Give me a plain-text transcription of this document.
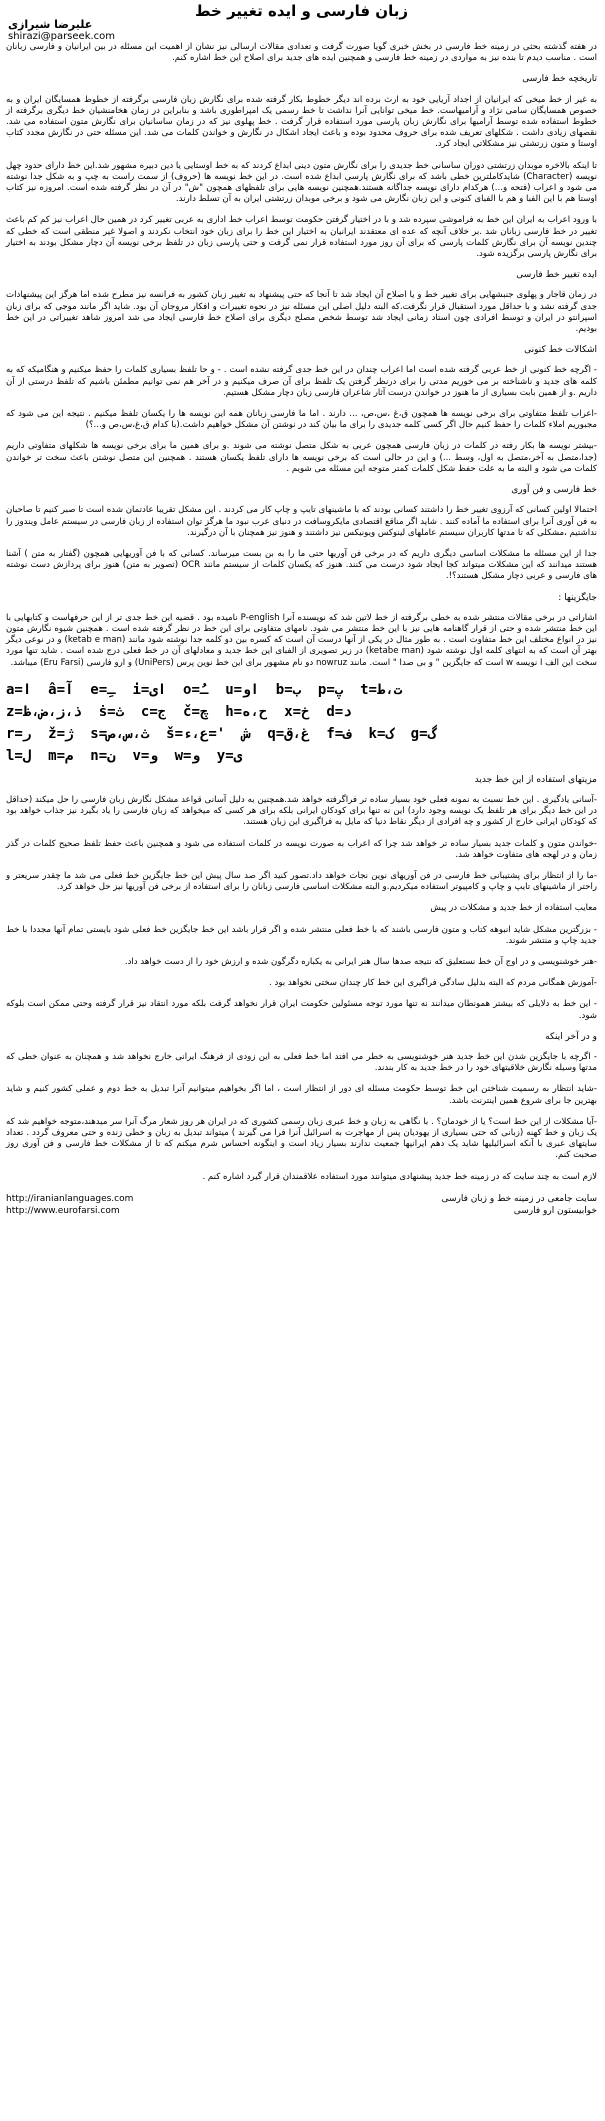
زبان فارسی و ایده تغییر خط
علیرضا شیرازی
shirazi@parseek.com

در هفته گذشته بحثی در زمینه خط فارسی در بخش خبری گویا صورت گرفت و تعدادی مقالات ارسالی نیز نشان از اهمیت این مسئله در بین ایرانیان و فارسی زبانان است . مناسب دیدم تا بنده نیز به مواردی در زمینه خط فارسی و همچنین ایده های جدید برای اصلاح این خط اشاره کنم.

تاریخچه خط فارسی

به غیر از خط میخی که ایرانیان از اجداد آریایی خود به ارث برده اند دیگر خطوط بکار گرفته شده برای نگارش زبان فارسی برگرفته از خطوط همسایگان ایران و به خصوص همسایگان سامی نژاد و آرامیهاست. خط میخی توانایی آنرا نداشت تا خط رسمی یک امپراطوری باشد و بنابراین در زمان هخامنشیان خط دیگری برگرفته از خطوط استفاده شده توسط آرامیها برای نگارش زبان پارسی مورد استفاده قرار گرفت . خط پهلوی نیز که در زمان ساسانیان برای نگارش متون استفاده می شد. نقصهای زیادی داشت . شکلهای تعریف شده برای حروف محدود بوده و باعث ایجاد اشکال در نگارش و خواندن کلمات می شد. این مسئله حتی در نگارش مجدد کتاب اوستا و متون زرتشتی نیز مشکلاتی ایجاد کرد.

تا اینکه بالاخره موبدان زرتشتی دوران ساسانی خط جدیدی را برای نگارش متون دینی ابداع کردند که به خط اوستایی یا دین دبیره مشهور شد.این خط دارای حدود چهل نویسه (Character) شایدکاملترین خطی باشد که برای نگارش پارسی ابداع شده است. در این خط نویسه ها (حروف) از سمت راست به چپ و به شکل جدا نوشته می شود و اعراب (فتحه و...) هرکدام دارای نویسه جداگانه هستند.همچنین نویسه هایی برای تلفظهای همچون "ش" در آن در نظر گرفته شده است. امروزه نیز کتاب اوستا هم با این الفبا و هم با الفبای کنونی و این زبان نگارش می شود و برخی موبدان زرتشتی ایران به آن تسلط دارند.

با ورود اعراب به ایران این خط به فراموشی سپرده شد و با در اختیار گرفتن حکومت توسط اعراب خط اداری به عربی تغییر کرد در همین حال اعراب نیز کم کم باعث تغییر در خط فارسی زبانان شد .بر خلاف آنچه که عده ای معتقدند ایرانیان به اختیار این خط را برای زبان خود انتخاب نکردند و اصولا غیر منطقی است که خطی که چندین نویسه آن برای نگارش کلمات پارسی که برای آن روز مورد استفاده قرار نمی گرفت و حتی پارسی زبان در تلفظ برخی نویسه آن دچار مشکل بودند به اختیار برای نگارش پارسی برگزیده شود.

ایده تغییر خط فارسی

در زمان قاجار و پهلوی جنبشهایی برای تغییر خط و یا اصلاح آن ایجاد شد تا آنجا که حتی پیشنهاد به تغییر زبان کشور به فرانسه نیز مطرح شده اما هرگز این پیشنهادات جدی گرفته نشد و با حداقل مورد استقبال قرار نگرفت.که البته دلیل اصلی این مسئله نیز در نحوه تغییرات و افکار مروجان آن بود. شاید اگر مانند موجی که برای زبان اسپرانتو در ایران و توسط افرادی چون استاد زمانی ایجاد شد توسط شخص مصلح دیگری برای اصلاح خط فارسی ایجاد می شد امروز شاهد تغییراتی در این خط بودیم.

اشکالات خط کنونی

- اگرچه خط کنونی از خط عربی گرفته شده است اما اعراب چندان در این خط جدی گرفته نشده است . - و حا تلفظ بسیاری کلمات را حفظ میکنیم و هنگامیکه که به کلمه های جدید و ناشناخته بر می خوریم مدتی را برای درنظر گرفتن یک تلفظ برای آن صرف میکنیم و در آخر هم نمی توانیم مطمئن باشیم که تلفظ درستی از آن داریم .و از همین بابت بسیاری از ما هنوز در خواندن درست آثار شاعران فارسی زبان دچار مشکل هستیم.

-اعراب تلفظ متفاوتی برای برخی نویسه ها همچون ق،غ ،س،ص، ... دارند . اما ما فارسی زبانان همه این نویسه ها را یکسان تلفظ میکنیم . نتیجه این می شود که مجبوریم املاء کلمات را حفظ کنیم حال اگر کسی کلمه جدیدی را برای ما بیان کند در نوشتن آن مشکل خواهیم داشت.(با کدام ق،غ،س،ص و...؟)

-بیشتر نویسه ها بکار رفته در کلمات در زبان فارسی همچون عربی به شکل متصل نوشته می شوند .و برای همین ما برای برخی نویسه ها شکلهای متفاوتی داریم (جدا،متصل به آخر،متصل به اول، وسط ...) و این در حالی است که برخی نویسه ها دارای تلفظ یکسان هستند . همچنین این متصل نوشتن باعث سخت تر خواندن کلمات می شود و البته ما به علت حفظ شکل کلمات کمتر متوجه این مسئله می شویم .

خط فارسی و فن آوری

احتمالا اولین کسانی که آرزوی تغییر خط را داشتند کسانی بودند که با ماشینهای تایپ و چاپ کار می کردند . این مشکل تقریبا عادتمان شده است تا صبر کنیم تا صاحبان به فن آوری آنرا برای استفاده ما آماده کنند . شاید اگر مناقع اقتصادی مایکروسافت در دنیای عرب نبود ما هرگز توان استفاده از زبان فارسی در سیستم عامل ویندوز را نداشتیم ،مشکلی که تا مدتها کاربران سیستم عاملهای لینوکس ویونیکس نیز داشتند و هنوز نیز همچنان با آن درگیرند.

جدا از این مسئله ما مشکلات اساسی دیگری داریم که در برخی فن آوریها حتی ما را به بن بست میرساند. کسانی که با فن آوریهایی همچون (گفتار به متن ) آشنا هستند میدانند که این مشکلات میتواند کجا ایجاد شود درست می کنند. هنوز که یکسان کلمات از سیستم مانند OCR (تصویر به متن) هنوز برای پردازش دست نوشته های فارسی و عربی دچار مشکل هستند؟!.

جایگزینها :

اشاراتی در برخی مقالات منتشر شده به خطی برگرفته از خط لاتین شد که نویسنده آنرا P-english نامیده بود . قضیه این خط جدی تر از این حرفهاست و کتابهایی با این خط منتشر شده و حتی از قرار گاهنامه هایی نیز با این خط منتشر می شود. نامهای متفاوتی برای این خط در نظر گرفته شده است . همچنین شیوه نگارش متون نیز در انواع مختلف این خط متفاوت است . به طور مثال در یکی از آنها درست آن است که کسره بین دو کلمه جدا نوشته شود مانند (ketab e man) و در نوعی دیگر بهتر آن است که به انتهای کلمه اول نوشته شود (ketabe man) در زیر تصویری از الفبای این خط جدید و معادلهای آن در خط فعلی درج شده است . شاید تنها مورد سخت این الف ا نویسه w است که جایگزین " و بی صدا " است. مانند nowruz دو نام مشهور برای این خط نوین پرس (UniPers) و ارو فارسی (Eru Farsi) میباشد.

a=ا  â=آ  e=ـِ  i=ای  o=ـُ  u=او  b=ب  p=پ  t=ت،ط
z=ذ،ز،ض،ظ  ṡ=ث  c=ج  č=چ  h=ح،ه  x=خ  d=د
r=ر  ž=ژ  s=ث،س،ص  š=ش  '=ع،ء  q=غ،ق  f=ف  k=ک  g=گ
l=ل  m=م  n=ن  v=و  w=و  y=ی
مزیتهای استفاده از این خط جدید

-آسانی یادگیری . این خط نسبت به نمونه فعلی خود بسیار ساده تر فراگرفته خواهد شد.همچنین به دلیل آسانی قواعد مشکل نگارش زبان فارسی را حل میکند (حداقل در این خط دیگر برای هر تلفظ یک نویسه وجود دارد) این نه تنها برای کودکان ایرانی بلکه برای هر کسی که میخواهد که زبان فارسی را یاد بگیرد نیز جذاب خواهد بود که کودکان ایرانی خارج از کشور و چه افرادی از دیگر نقاط دنیا که مایل به فراگیری این زبان هستند.

-خواندن متون و کلمات جدید بسیار ساده تر خواهد شد چرا که اعراب به صورت نویسه در کلمات استفاده می شود و همچنین باعث حفظ تلفظ صحیح کلمات در گذر زمان و در لهجه های متفاوت خواهد شد.

-ما را از انتظار برای پشتیبانی خط فارسی در فن آوریهای نوین نجات خواهد داد.تصور کنید اگر صد سال پیش این خط جایگزین خط فعلی می شد ما چقدر سریعتر و راحتر از ماشینهای تایپ و چاپ و کامپیوتر استفاده میکردیم.و البته مشکلات اساسی فارسی زبانان را برای استفاده از برخی فن آوریها نیز حل خواهد کرد.

معایب استفاده از خط جدید و مشکلات در پیش

- بزرگترین مشکل شاید انبوهه کتاب و متون فارسی باشند که با خط فعلی منتشر شده و اگر قرار باشد این خط جایگزین خط فعلی شود بایستی تمام آنها مجددا با خط جدید چاپ و منتشر شوند.

-هنر خوشنویسی و در اوج آن خط نستعلیق که نتیجه صدها سال هنر ایرانی به یکباره دگرگون شده و ارزش خود را از دست خواهد داد.

-آموزش همگانی مردم که البته بدلیل سادگی فراگیری این خط کار چندان سختی نخواهد بود .

- این خط به دلایلی که بیشتر همونطان میدانند نه تنها مورد توجه مسئولین حکومت ایران قرار نخواهد گرفت بلکه مورد انتقاد نیز قرار گرفته وحتی ممکن است بلوکه شود.

و در آخر اینکه

- اگرچه با جایگزین شدن این خط جدید هنر خوشنویسی به خطر می افتد اما خط فعلی به این زودی از فرهنگ ایرانی خارج نخواهد شد و همچنان به عنوان خطی که مدتها وسیله نگارش خلاقیتهای خود را در خط جدید به کار بندند.

-شاید انتظار به رسمیت شناختن این خط توسط حکومت مسئله ای دور از انتظار است ، اما اگر بخواهیم میتوانیم آنرا تبدیل به خط دوم و عملی کشور کنیم و شاید بهترین جا برای شروع همین اینترنت باشد.

-آیا مشکلات از این خط است؟ یا از خودمان؟ . با نگاهی به زبان و خط عبری زبان رسمی کشوری که در ایران هر روز شعار مرگ آنرا سر میدهند،متوجه خواهیم شد که یک زبان و خط کهنه (زبانی که حتی بسیاری از یهودیان پس از مهاجرت به اسرائیل آنرا فرا می گیرند ) میتواند تبدیل به زبان و خطی زنده و حتی معروف گردد . تعداد سایتهای عبری با آنکه اسرائیلیها شاید یک دهم ایرانیها جمعیت ندارند بسیار زیاد است و اینگونه احساس شرم میکنم که تا از مشکلات خط فارسی و فن آوری روز صحبت کنم.

لازم است به چند سایت که در زمینه خط جدید پیشنهادی میتوانند مورد استفاده علاقمندان قرار گیرد اشاره کنم .

http://iranianlanguages.com	سایت جامعی در زمینه خط و زبان فارسی
http://www.eurofarsi.com	خوابیستون ارو فارسی
